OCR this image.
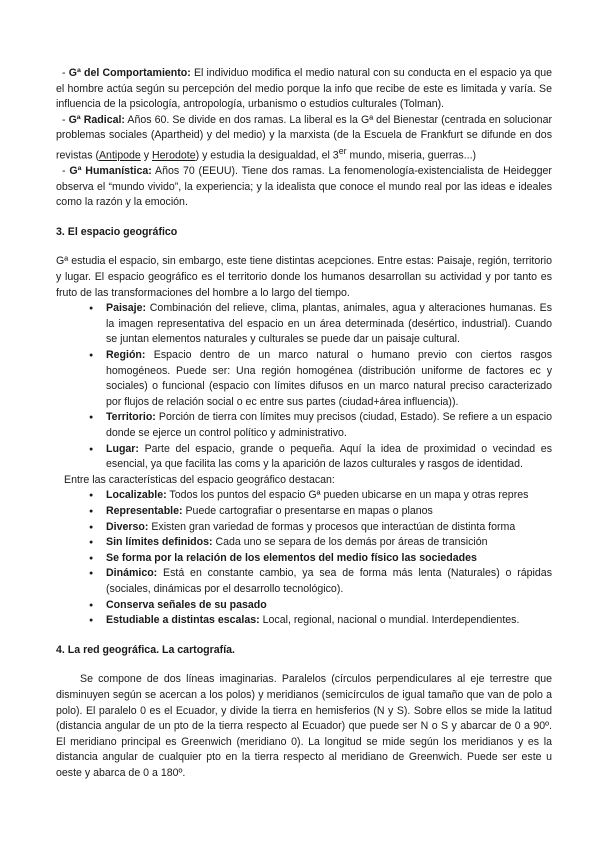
- Gª del Comportamiento: El individuo modifica el medio natural con su conducta en el espacio ya que el hombre actúa según su percepción del medio porque la info que recibe de este es limitada y varía. Se influencia de la psicología, antropología, urbanismo o estudios culturales (Tolman).

- Gª Radical: Años 60. Se divide en dos ramas. La liberal es la Gª del Bienestar (centrada en solucionar problemas sociales (Apartheid) y del medio) y la marxista (de la Escuela de Frankfurt se difunde en dos revistas (Antipode y Herodote) y estudia la desigualdad, el 3er mundo, miseria, guerras...)

- Gª Humanística: Años 70 (EEUU). Tiene dos ramas. La fenomenología-existencialista de Heidegger observa el “mundo vivido”, la experiencia; y la idealista que conoce el mundo real por las ideas e ideales como la razón y la emoción.

3. El espacio geográfico

Gª estudia el espacio, sin embargo, este tiene distintas acepciones. Entre estas: Paisaje, región, territorio y lugar. El espacio geográfico es el territorio donde los humanos desarrollan su actividad y por tanto es fruto de las transformaciones del hombre a lo largo del tiempo.

● Paisaje: Combinación del relieve, clima, plantas, animales, agua y alteraciones humanas. Es la imagen representativa del espacio en un área determinada (desértico, industrial). Cuando se juntan elementos naturales y culturales se puede dar un paisaje cultural.
● Región: Espacio dentro de un marco natural o humano previo con ciertos rasgos homogéneos. Puede ser: Una región homogénea (distribución uniforme de factores ec y sociales) o funcional (espacio con límites difusos en un marco natural preciso caracterizado por flujos de relación social o ec entre sus partes (ciudad+área influencia)).
● Territorio: Porción de tierra con límites muy precisos (ciudad, Estado). Se refiere a un espacio donde se ejerce un control político y administrativo.
● Lugar: Parte del espacio, grande o pequeña. Aquí la idea de proximidad o vecindad es esencial, ya que facilita las coms y la aparición de lazos culturales y rasgos de identidad.

Entre las características del espacio geográfico destacan:

● Localizable: Todos los puntos del espacio Gª pueden ubicarse en un mapa y otras repres
● Representable: Puede cartografiar o presentarse en mapas o planos
● Diverso: Existen gran variedad de formas y procesos que interactúan de distinta forma
● Sin límites definidos: Cada uno se separa de los demás por áreas de transición
● Se forma por la relación de los elementos del medio físico las sociedades
● Dinámico: Está en constante cambio, ya sea de forma más lenta (Naturales) o rápidas (sociales, dinámicas por el desarrollo tecnológico).
● Conserva señales de su pasado
● Estudiable a distintas escalas: Local, regional, nacional o mundial. Interdependientes.
4. La red geográfica. La cartografía.

Se compone de dos líneas imaginarias. Paralelos (círculos perpendiculares al eje terrestre que disminuyen según se acercan a los polos) y meridianos (semicírculos de igual tamaño que van de polo a polo). El paralelo 0 es el Ecuador, y divide la tierra en hemisferios (N y S). Sobre ellos se mide la latitud (distancia angular de un pto de la tierra respecto al Ecuador) que puede ser N o S y abarcar de 0 a 90º. El meridiano principal es Greenwich (meridiano 0). La longitud se mide según los meridianos y es la distancia angular de cualquier pto en la tierra respecto al meridiano de Greenwich. Puede ser este u oeste y abarca de 0 a 180º.
